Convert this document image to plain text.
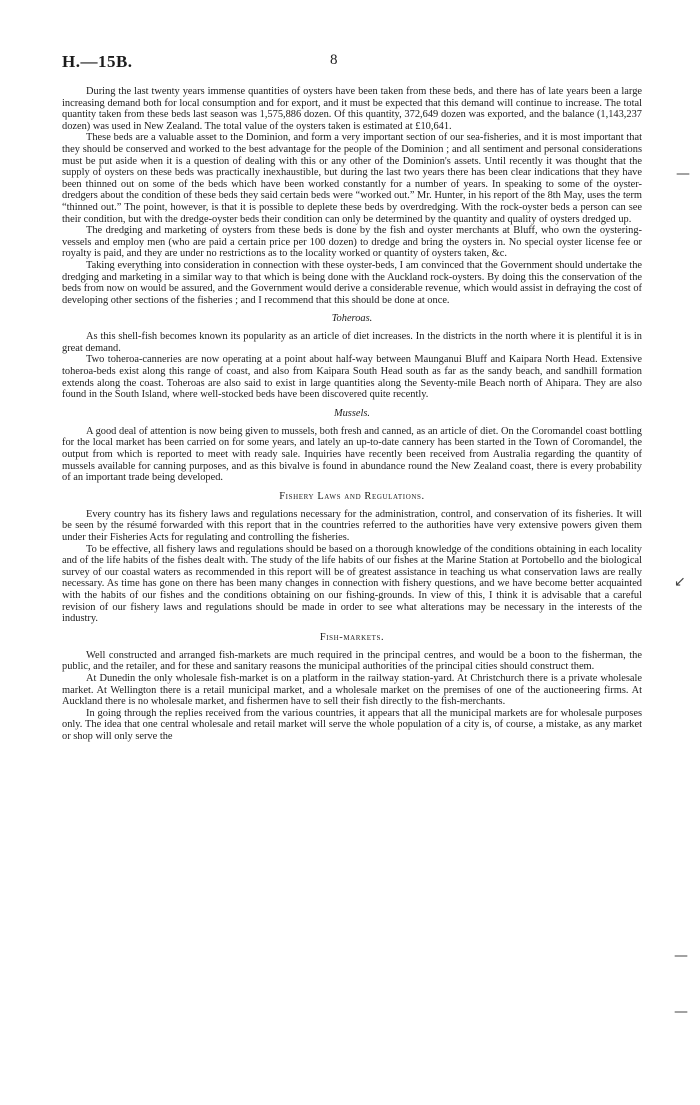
H.—15B.	8

During the last twenty years immense quantities of oysters have been taken from these beds, and there has of late years been a large increasing demand both for local consumption and for export, and it must be expected that this demand will continue to increase. The total quantity taken from these beds last season was 1,575,886 dozen. Of this quantity, 372,649 dozen was exported, and the balance (1,143,237 dozen) was used in New Zealand. The total value of the oysters taken is estimated at £10,641.

These beds are a valuable asset to the Dominion, and form a very important section of our sea-fisheries, and it is most important that they should be conserved and worked to the best advantage for the people of the Dominion ; and all sentiment and personal considerations must be put aside when it is a question of dealing with this or any other of the Dominion's assets. Until recently it was thought that the supply of oysters on these beds was practically inexhaustible, but during the last two years there has been clear indications that they have been thinned out on some of the beds which have been worked constantly for a number of years. In speaking to some of the oyster-dredgers about the condition of these beds they said certain beds were “worked out.” Mr. Hunter, in his report of the 8th May, uses the term “thinned out.” The point, however, is that it is possible to deplete these beds by overdredging. With the rock-oyster beds a person can see their condition, but with the dredge-oyster beds their condition can only be determined by the quantity and quality of oysters dredged up.

The dredging and marketing of oysters from these beds is done by the fish and oyster merchants at Bluff, who own the oystering-vessels and employ men (who are paid a certain price per 100 dozen) to dredge and bring the oysters in. No special oyster license fee or royalty is paid, and they are under no restrictions as to the locality worked or quantity of oysters taken, &c.

Taking everything into consideration in connection with these oyster-beds, I am convinced that the Government should undertake the dredging and marketing in a similar way to that which is being done with the Auckland rock-oysters. By doing this the conservation of the beds from now on would be assured, and the Government would derive a considerable revenue, which would assist in defraying the cost of developing other sections of the fisheries ; and I recommend that this should be done at once.

Toheroas.

As this shell-fish becomes known its popularity as an article of diet increases. In the districts in the north where it is plentiful it is in great demand.

Two toheroa-canneries are now operating at a point about half-way between Maunganui Bluff and Kaipara North Head. Extensive toheroa-beds exist along this range of coast, and also from Kaipara South Head south as far as the sandy beach, and sandhill formation extends along the coast. Toheroas are also said to exist in large quantities along the Seventy-mile Beach north of Ahipara. They are also found in the South Island, where well-stocked beds have been discovered quite recently.

Mussels.

A good deal of attention is now being given to mussels, both fresh and canned, as an article of diet. On the Coromandel coast bottling for the local market has been carried on for some years, and lately an up-to-date cannery has been started in the Town of Coromandel, the output from which is reported to meet with ready sale. Inquiries have recently been received from Australia regarding the quantity of mussels available for canning purposes, and as this bivalve is found in abundance round the New Zealand coast, there is every probability of an important trade being developed.

Fishery Laws and Regulations.

Every country has its fishery laws and regulations necessary for the administration, control, and conservation of its fisheries. It will be seen by the résumé forwarded with this report that in the countries referred to the authorities have very extensive powers given them under their Fisheries Acts for regulating and controlling the fisheries.

To be effective, all fishery laws and regulations should be based on a thorough knowledge of the conditions obtaining in each locality and of the life habits of the fishes dealt with. The study of the life habits of our fishes at the Marine Station at Portobello and the biological survey of our coastal waters as recommended in this report will be of greatest assistance in teaching us what conservation laws are really necessary. As time has gone on there has been many changes in connection with fishery questions, and we have become better acquainted with the habits of our fishes and the conditions obtaining on our fishing-grounds. In view of this, I think it is advisable that a careful revision of our fishery laws and regulations should be made in order to see what alterations may be necessary in the interests of the industry.

Fish-markets.

Well constructed and arranged fish-markets are much required in the principal centres, and would be a boon to the fisherman, the public, and the retailer, and for these and sanitary reasons the municipal authorities of the principal cities should construct them.

At Dunedin the only wholesale fish-market is on a platform in the railway station-yard. At Christchurch there is a private wholesale market. At Wellington there is a retail municipal market, and a wholesale market on the premises of one of the auctioneering firms. At Auckland there is no wholesale market, and fishermen have to sell their fish directly to the fish-merchants.

In going through the replies received from the various countries, it appears that all the municipal markets are for wholesale purposes only. The idea that one central wholesale and retail market will serve the whole population of a city is, of course, a mistake, as any market or shop will only serve the

—
↙
—
—
